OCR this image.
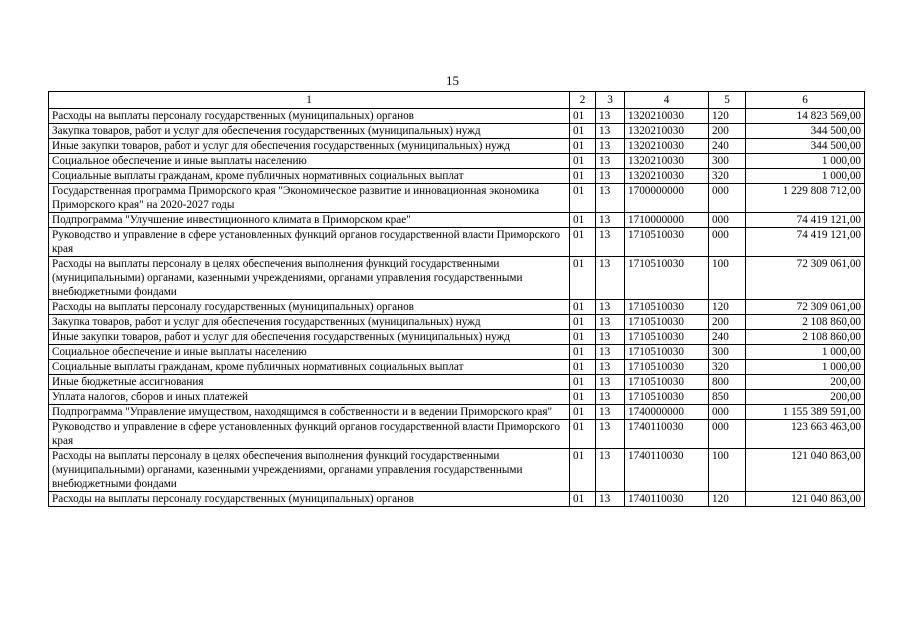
15
1	2	3	4	5	6
Расходы на выплаты персоналу государственных (муниципальных) органов	01	13	1320210030	120	14 823 569,00
Закупка товаров, работ и услуг для обеспечения государственных (муниципальных) нужд	01	13	1320210030	200	344 500,00
Иные закупки товаров, работ и услуг для обеспечения государственных (муниципальных) нужд	01	13	1320210030	240	344 500,00
Социальное обеспечение и иные выплаты населению	01	13	1320210030	300	1 000,00
Социальные выплаты гражданам, кроме публичных нормативных социальных выплат	01	13	1320210030	320	1 000,00
Государственная программа Приморского края "Экономическое развитие и инновационная экономика Приморского края" на 2020-2027 годы	01	13	1700000000	000	1 229 808 712,00
Подпрограмма "Улучшение инвестиционного климата в Приморском крае"	01	13	1710000000	000	74 419 121,00
Руководство и управление в сфере установленных функций органов государственной власти Приморского края	01	13	1710510030	000	74 419 121,00
Расходы на выплаты персоналу в целях обеспечения выполнения функций государственными (муниципальными) органами, казенными учреждениями, органами управления государственными внебюджетными фондами	01	13	1710510030	100	72 309 061,00
Расходы на выплаты персоналу государственных (муниципальных) органов	01	13	1710510030	120	72 309 061,00
Закупка товаров, работ и услуг для обеспечения государственных (муниципальных) нужд	01	13	1710510030	200	2 108 860,00
Иные закупки товаров, работ и услуг для обеспечения государственных (муниципальных) нужд	01	13	1710510030	240	2 108 860,00
Социальное обеспечение и иные выплаты населению	01	13	1710510030	300	1 000,00
Социальные выплаты гражданам, кроме публичных нормативных социальных выплат	01	13	1710510030	320	1 000,00
Иные бюджетные ассигнования	01	13	1710510030	800	200,00
Уплата налогов, сборов и иных платежей	01	13	1710510030	850	200,00
Подпрограмма "Управление имуществом, находящимся в собственности и в ведении Приморского края"	01	13	1740000000	000	1 155 389 591,00
Руководство и управление в сфере установленных функций органов государственной власти Приморского края	01	13	1740110030	000	123 663 463,00
Расходы на выплаты персоналу в целях обеспечения выполнения функций государственными (муниципальными) органами, казенными учреждениями, органами управления государственными внебюджетными фондами	01	13	1740110030	100	121 040 863,00
Расходы на выплаты персоналу государственных (муниципальных) органов	01	13	1740110030	120	121 040 863,00
